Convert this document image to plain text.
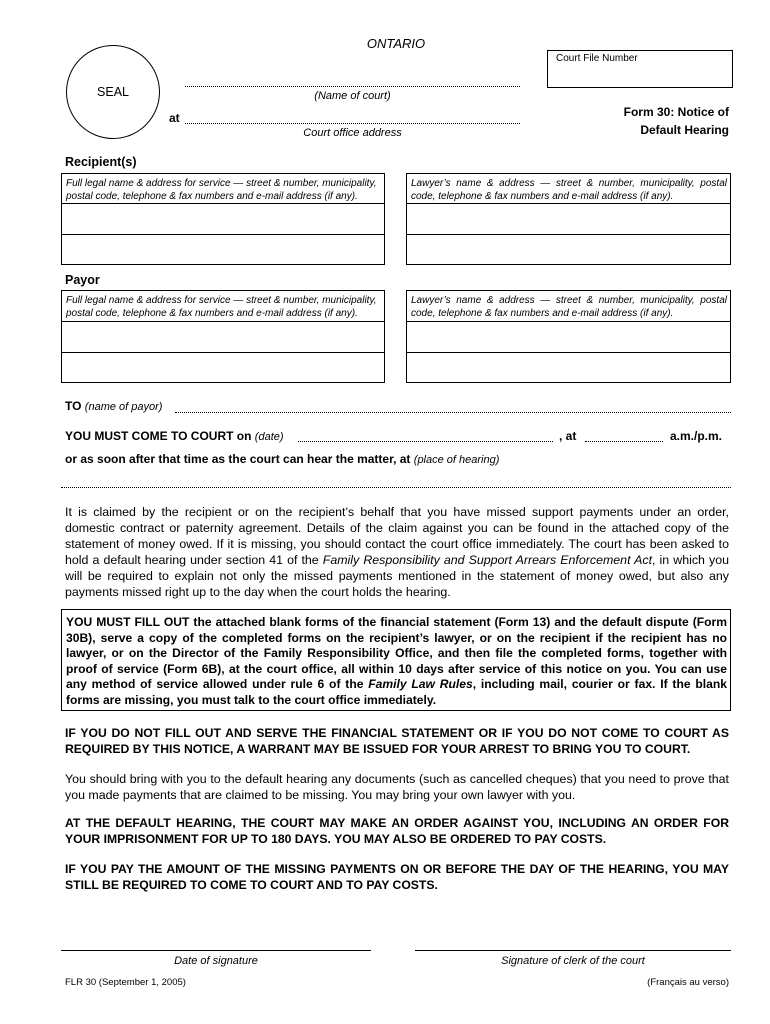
ONTARIO
Court File Number
SEAL	(Name of court)
at
Court office address
Form 30: Notice of
Default Hearing
Recipient(s)
Full legal name & address for service — street & number, municipality, postal code, telephone & fax numbers and e-mail address (if any).
Lawyer’s name & address — street & number, municipality, postal code, telephone & fax numbers and e-mail address (if any).
Payor
Full legal name & address for service — street & number, municipality, postal code, telephone & fax numbers and e-mail address (if any).
Lawyer’s name & address — street & number, municipality, postal code, telephone & fax numbers and e-mail address (if any).
TO (name of payor)
YOU MUST COME TO COURT on (date)	, at	a.m./p.m.
or as soon after that time as the court can hear the matter, at (place of hearing)
It is claimed by the recipient or on the recipient’s behalf that you have missed support payments under an order, domestic contract or paternity agreement. Details of the claim against you can be found in the attached copy of the statement of money owed. If it is missing, you should contact the court office immediately. The court has been asked to hold a default hearing under section 41 of the Family Responsibility and Support Arrears Enforcement Act, in which you will be required to explain not only the missed payments mentioned in the statement of money owed, but also any payments missed right up to the day when the court holds the hearing.
YOU MUST FILL OUT the attached blank forms of the financial statement (Form 13) and the default dispute (Form 30B), serve a copy of the completed forms on the recipient’s lawyer, or on the recipient if the recipient has no lawyer, or on the Director of the Family Responsibility Office, and then file the completed forms, together with proof of service (Form 6B), at the court office, all within 10 days after service of this notice on you. You can use any method of service allowed under rule 6 of the Family Law Rules, including mail, courier or fax. If the blank forms are missing, you must talk to the court office immediately.
IF YOU DO NOT FILL OUT AND SERVE THE FINANCIAL STATEMENT OR IF YOU DO NOT COME TO COURT AS REQUIRED BY THIS NOTICE, A WARRANT MAY BE ISSUED FOR YOUR ARREST TO BRING YOU TO COURT.
You should bring with you to the default hearing any documents (such as cancelled cheques) that you need to prove that you made payments that are claimed to be missing. You may bring your own lawyer with you.
AT THE DEFAULT HEARING, THE COURT MAY MAKE AN ORDER AGAINST YOU, INCLUDING AN ORDER FOR YOUR IMPRISONMENT FOR UP TO 180 DAYS. YOU MAY ALSO BE ORDERED TO PAY COSTS.
IF YOU PAY THE AMOUNT OF THE MISSING PAYMENTS ON OR BEFORE THE DAY OF THE HEARING, YOU MAY STILL BE REQUIRED TO COME TO COURT AND TO PAY COSTS.
Date of signature	Signature of clerk of the court
FLR 30 (September 1, 2005)	(Français au verso)
